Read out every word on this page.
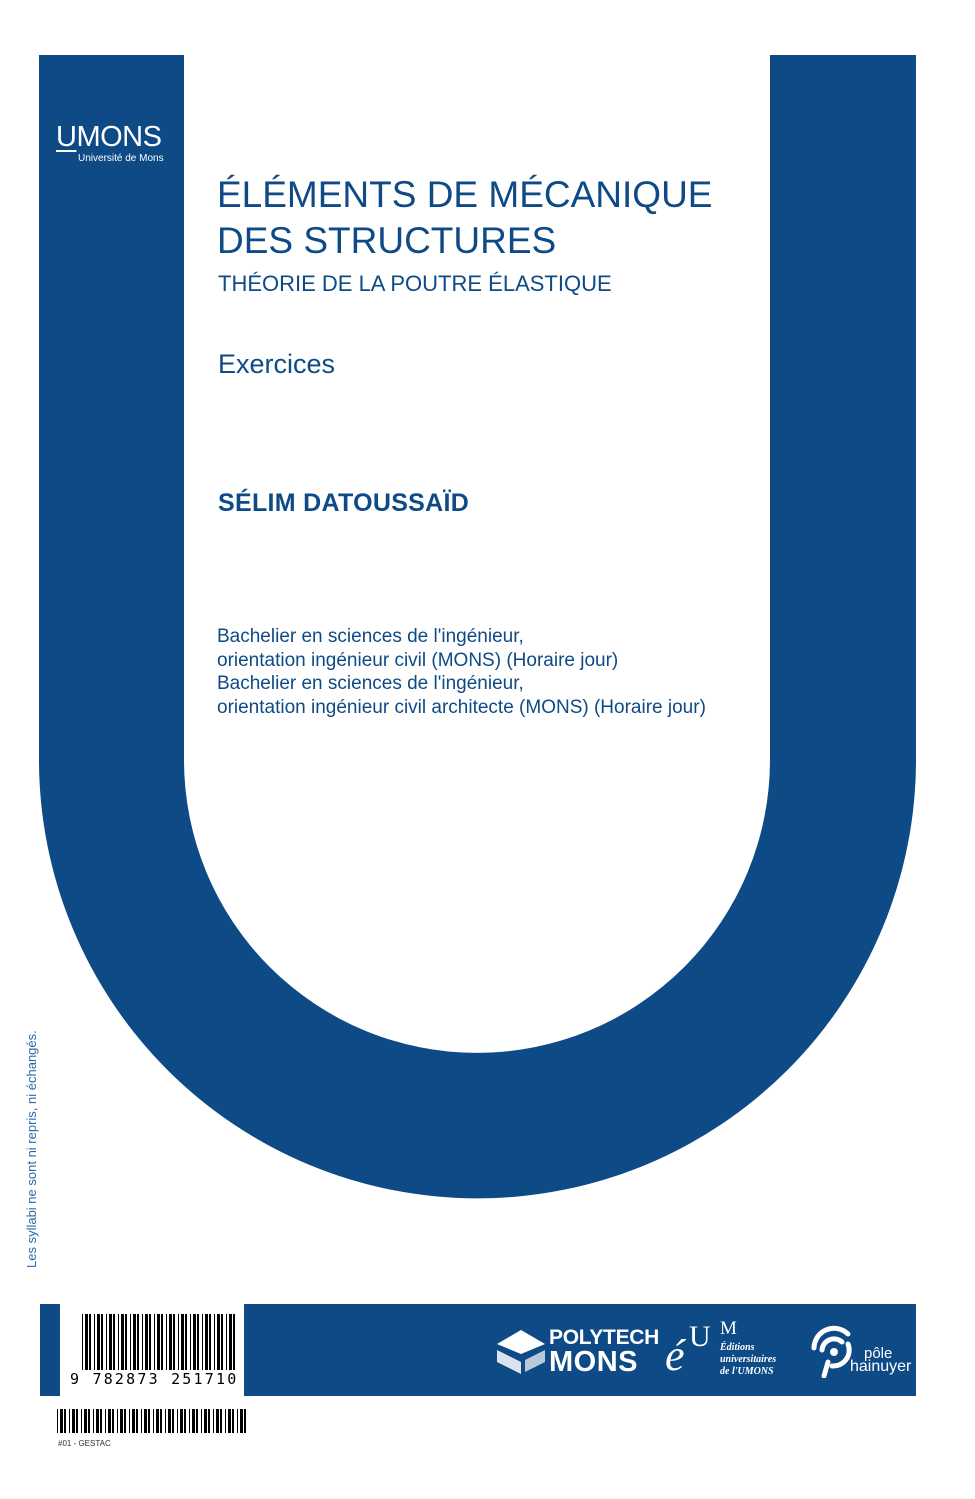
UMONS
Université de Mons
ÉLÉMENTS DE MÉCANIQUE
DES STRUCTURES
THÉORIE DE LA POUTRE ÉLASTIQUE
Exercices
SÉLIM DATOUSSAÏD
Bachelier en sciences de l'ingénieur,
orientation ingénieur civil (MONS) (Horaire jour)
Bachelier en sciences de l'ingénieur,
orientation ingénieur civil architecte (MONS) (Horaire jour)
Les syllabi ne sont ni repris, ni échangés.
9 782873 251710
#01 - GESTAC
POLYTECH
MONS é U M
Éditions
universitaires
de l'UMONS
pôle
hainuyer
